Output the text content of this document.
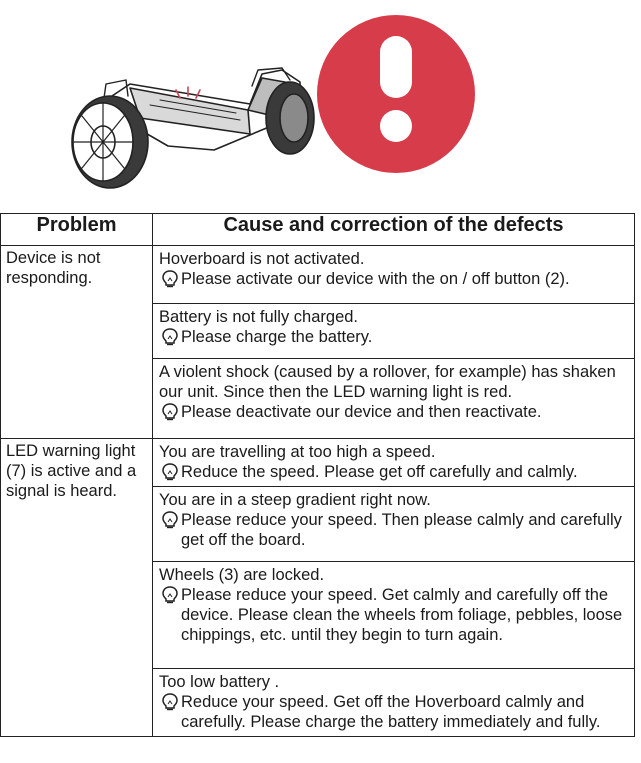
Problem	Cause and correction of the defects
Device is not responding.	Hoverboard is not activated.
Please activate our device with the on / off button (2).

	Battery is not fully charged.
Please charge the battery.

	A violent shock (caused by a rollover, for example) has shaken our unit. Since then the LED warning light is red.
Please deactivate our device and then reactivate.

LED warning light (7) is active and a signal is heard.	You are travelling at too high a speed.
Reduce the speed. Please get off carefully and calmly.

	You are in a steep gradient right now.
Please reduce your speed. Then please calmly and carefully get off the board.

	Wheels (3) are locked.
Please reduce your speed. Get calmly and carefully off the device. Please clean the wheels from foliage, pebbles, loose chippings, etc. until they begin to turn again.

	Too low battery .
Reduce your speed. Get off the Hoverboard calmly and carefully. Please charge the battery immediately and fully.
